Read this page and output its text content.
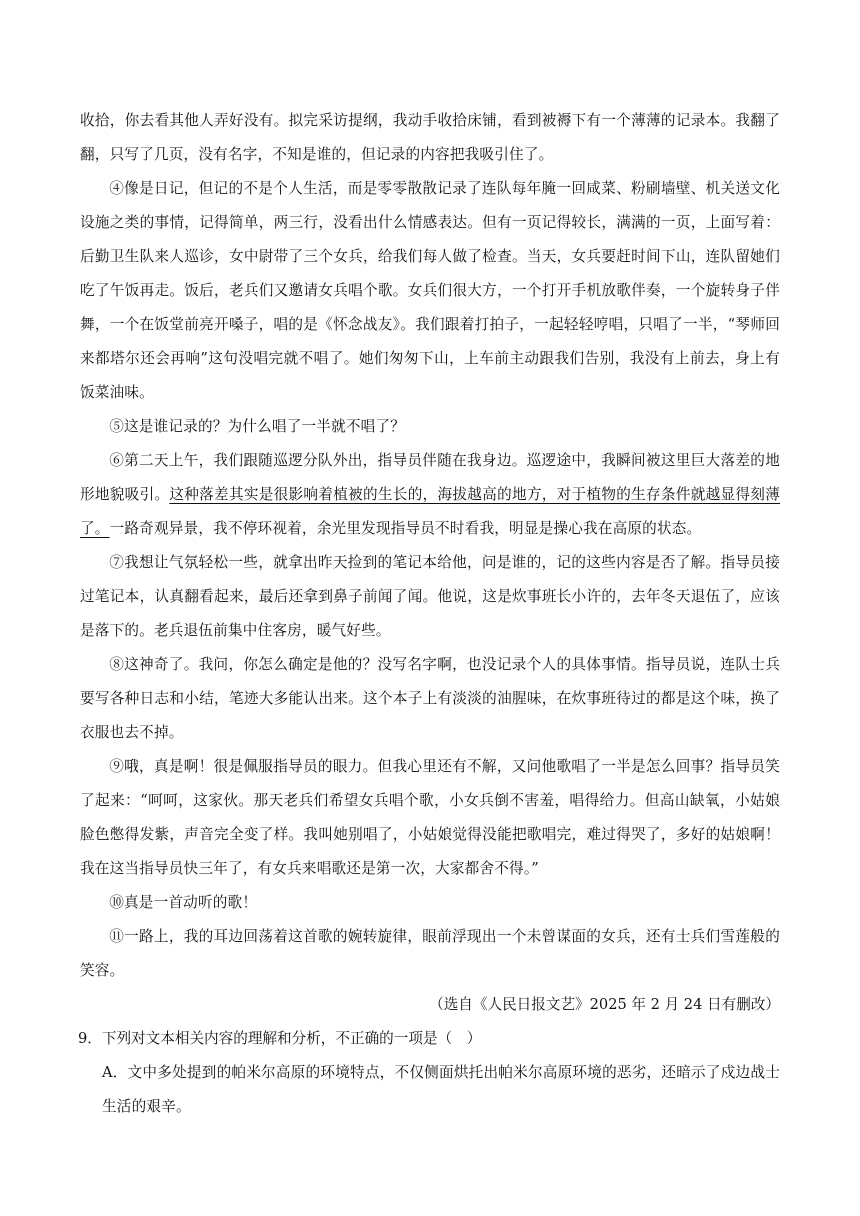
收拾，你去看其他人弄好没有。拟完采访提纲，我动手收拾床铺，看到被褥下有一个薄薄的记录本。我翻了翻，只写了几页，没有名字，不知是谁的，但记录的内容把我吸引住了。

④像是日记，但记的不是个人生活，而是零零散散记录了连队每年腌一回咸菜、粉刷墙壁、机关送文化设施之类的事情，记得简单，两三行，没看出什么情感表达。但有一页记得较长，满满的一页，上面写着：后勤卫生队来人巡诊，女中尉带了三个女兵，给我们每人做了检查。当天，女兵要赶时间下山，连队留她们吃了午饭再走。饭后，老兵们又邀请女兵唱个歌。女兵们很大方，一个打开手机放歌伴奏，一个旋转身子伴舞，一个在饭堂前亮开嗓子，唱的是《怀念战友》。我们跟着打拍子，一起轻轻哼唱，只唱了一半，“琴师回来都塔尔还会再响”这句没唱完就不唱了。她们匆匆下山，上车前主动跟我们告别，我没有上前去，身上有饭菜油味。

⑤这是谁记录的？为什么唱了一半就不唱了？

⑥第二天上午，我们跟随巡逻分队外出，指导员伴随在我身边。巡逻途中，我瞬间被这里巨大落差的地形地貌吸引。这种落差其实是很影响着植被的生长的，海拔越高的地方，对于植物的生存条件就越显得刻薄了。一路奇观异景，我不停环视着，余光里发现指导员不时看我，明显是操心我在高原的状态。

⑦我想让气氛轻松一些，就拿出昨天捡到的笔记本给他，问是谁的，记的这些内容是否了解。指导员接过笔记本，认真翻看起来，最后还拿到鼻子前闻了闻。他说，这是炊事班长小许的，去年冬天退伍了，应该是落下的。老兵退伍前集中住客房，暖气好些。

⑧这神奇了。我问，你怎么确定是他的？没写名字啊，也没记录个人的具体事情。指导员说，连队士兵要写各种日志和小结，笔迹大多能认出来。这个本子上有淡淡的油腥味，在炊事班待过的都是这个味，换了衣服也去不掉。

⑨哦，真是啊！很是佩服指导员的眼力。但我心里还有不解，又问他歌唱了一半是怎么回事？指导员笑了起来：“呵呵，这家伙。那天老兵们希望女兵唱个歌，小女兵倒不害羞，唱得给力。但高山缺氧，小姑娘脸色憋得发紫，声音完全变了样。我叫她别唱了，小姑娘觉得没能把歌唱完，难过得哭了，多好的姑娘啊！我在这当指导员快三年了，有女兵来唱歌还是第一次，大家都舍不得。”

⑩真是一首动听的歌！

⑪一路上，我的耳边回荡着这首歌的婉转旋律，眼前浮现出一个未曾谋面的女兵，还有士兵们雪莲般的笑容。

（选自《人民日报文艺》2025 年 2 月 24 日有删改）

9．下列对文本相关内容的理解和分析，不正确的一项是（　）

A．文中多处提到的帕米尔高原的环境特点，不仅侧面烘托出帕米尔高原环境的恶劣，还暗示了戍边战士生活的艰辛。
